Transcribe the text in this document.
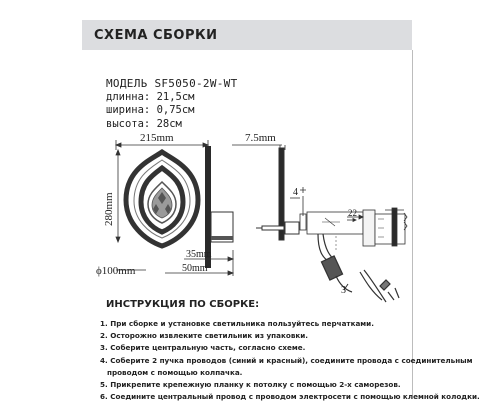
СХЕМА СБОРКИ
МОДЕЛЬ SF5050-2W-WT
длинна: 21,5см
ширина: 0,75см
высота: 28см
215mm	7.5mm
280mm
ϕ100mm
35mm
50mm
4
22
3
ИНСТРУКЦИЯ ПО СБОРКЕ:
1. При сборке и установке светильника пользуйтесь перчатками.
2. Осторожно извлеките светильник из упаковки.
3. Соберите центральную часть, согласно схеме.
4. Соберите 2 пучка проводов (синий и красный), соедините провода с соединительным
проводом с помощью колпачка.
5. Прикрепите крепежную планку к потолку с помощью 2-х саморезов.
6. Соедините центральный провод с проводом электросети с помощью клемной колодки.
